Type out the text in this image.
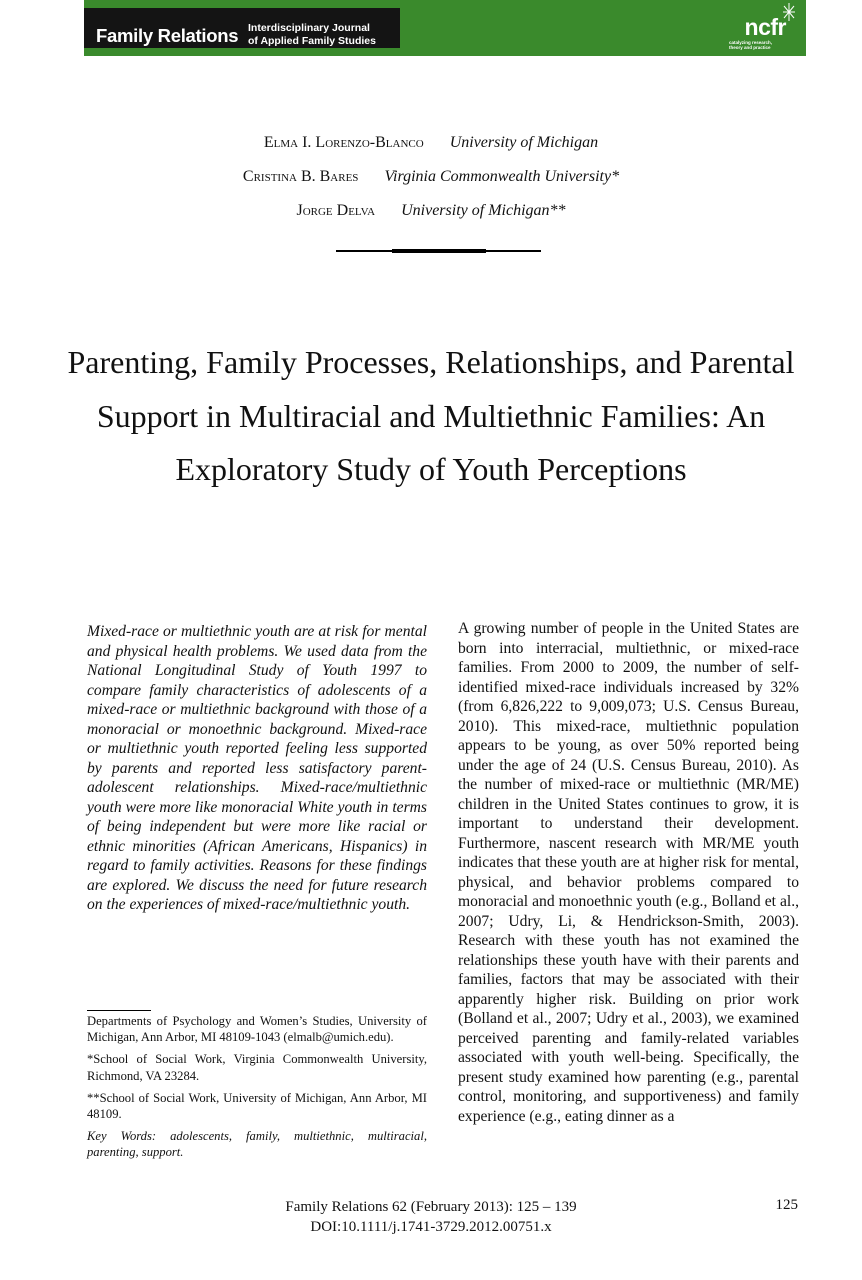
Family Relations Interdisciplinary Journal
of Applied Family Studies
ncfr
catalyzing research, theory and practice
Elma I. Lorenzo-Blanco University of Michigan
Cristina B. Bares Virginia Commonwealth University*
Jorge Delva University of Michigan**
Parenting, Family Processes, Relationships, and Parental Support in Multiracial and Multiethnic Families: An Exploratory Study of Youth Perceptions
Mixed-race or multiethnic youth are at risk for mental and physical health problems. We used data from the National Longitudinal Study of Youth 1997 to compare family characteristics of adolescents of a mixed-race or multiethnic background with those of a monoracial or monoethnic background. Mixed-race or multiethnic youth reported feeling less supported by parents and reported less satisfactory parent-adolescent relationships. Mixed-race/multiethnic youth were more like monoracial White youth in terms of being independent but were more like racial or ethnic minorities (African Americans, Hispanics) in regard to family activities. Reasons for these findings are explored. We discuss the need for future research on the experiences of mixed-race/multiethnic youth.

Departments of Psychology and Women’s Studies, University of Michigan, Ann Arbor, MI 48109-1043 (elmalb@umich.edu).

*School of Social Work, Virginia Commonwealth University, Richmond, VA 23284.

**School of Social Work, University of Michigan, Ann Arbor, MI 48109.

Key Words: adolescents, family, multiethnic, multiracial, parenting, support.

A growing number of people in the United States are born into interracial, multiethnic, or mixed-race families. From 2000 to 2009, the number of self-identified mixed-race individuals increased by 32% (from 6,826,222 to 9,009,073; U.S. Census Bureau, 2010). This mixed-race, multiethnic population appears to be young, as over 50% reported being under the age of 24 (U.S. Census Bureau, 2010). As the number of mixed-race or multiethnic (MR/ME) children in the United States continues to grow, it is important to understand their development. Furthermore, nascent research with MR/ME youth indicates that these youth are at higher risk for mental, physical, and behavior problems compared to monoracial and monoethnic youth (e.g., Bolland et al., 2007; Udry, Li, & Hendrickson-Smith, 2003). Research with these youth has not examined the relationships these youth have with their parents and families, factors that may be associated with their apparently higher risk. Building on prior work (Bolland et al., 2007; Udry et al., 2003), we examined perceived parenting and family-related variables associated with youth well-being. Specifically, the present study examined how parenting (e.g., parental control, monitoring, and supportiveness) and family experience (e.g., eating dinner as a
Family Relations 62 (February 2013): 125 – 139
DOI:10.1111/j.1741-3729.2012.00751.x
125
